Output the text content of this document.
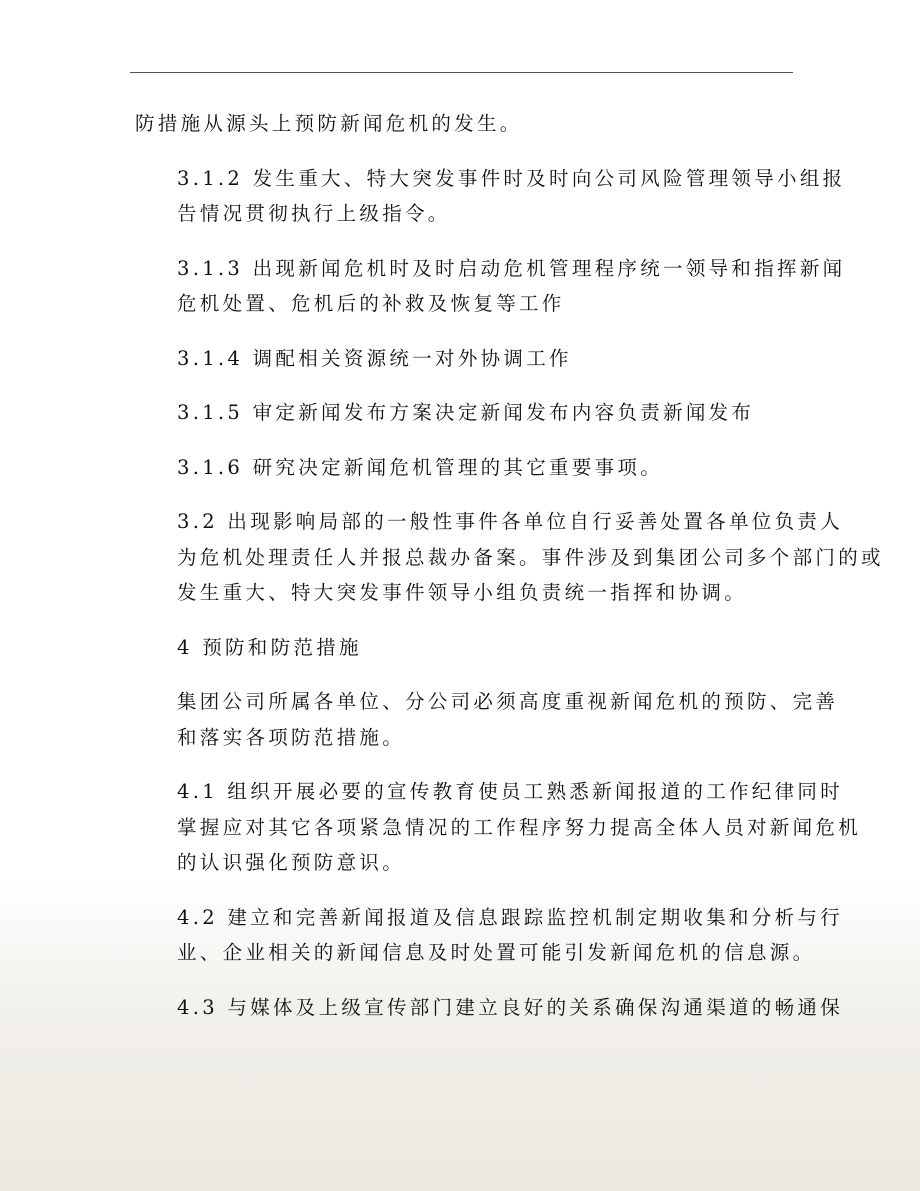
防措施从源头上预防新闻危机的发生。

3.1.2 发生重大、特大突发事件时及时向公司风险管理领导小组报
告情况贯彻执行上级指令。

3.1.3 出现新闻危机时及时启动危机管理程序统一领导和指挥新闻
危机处置、危机后的补救及恢复等工作

3.1.4 调配相关资源统一对外协调工作

3.1.5 审定新闻发布方案决定新闻发布内容负责新闻发布

3.1.6 研究决定新闻危机管理的其它重要事项。

3.2 出现影响局部的一般性事件各单位自行妥善处置各单位负责人
为危机处理责任人并报总裁办备案。事件涉及到集团公司多个部门的或
发生重大、特大突发事件领导小组负责统一指挥和协调。

4 预防和防范措施

集团公司所属各单位、分公司必须高度重视新闻危机的预防、完善
和落实各项防范措施。

4.1 组织开展必要的宣传教育使员工熟悉新闻报道的工作纪律同时
掌握应对其它各项紧急情况的工作程序努力提高全体人员对新闻危机
的认识强化预防意识。

4.2 建立和完善新闻报道及信息跟踪监控机制定期收集和分析与行
业、企业相关的新闻信息及时处置可能引发新闻危机的信息源。

4.3 与媒体及上级宣传部门建立良好的关系确保沟通渠道的畅通保
